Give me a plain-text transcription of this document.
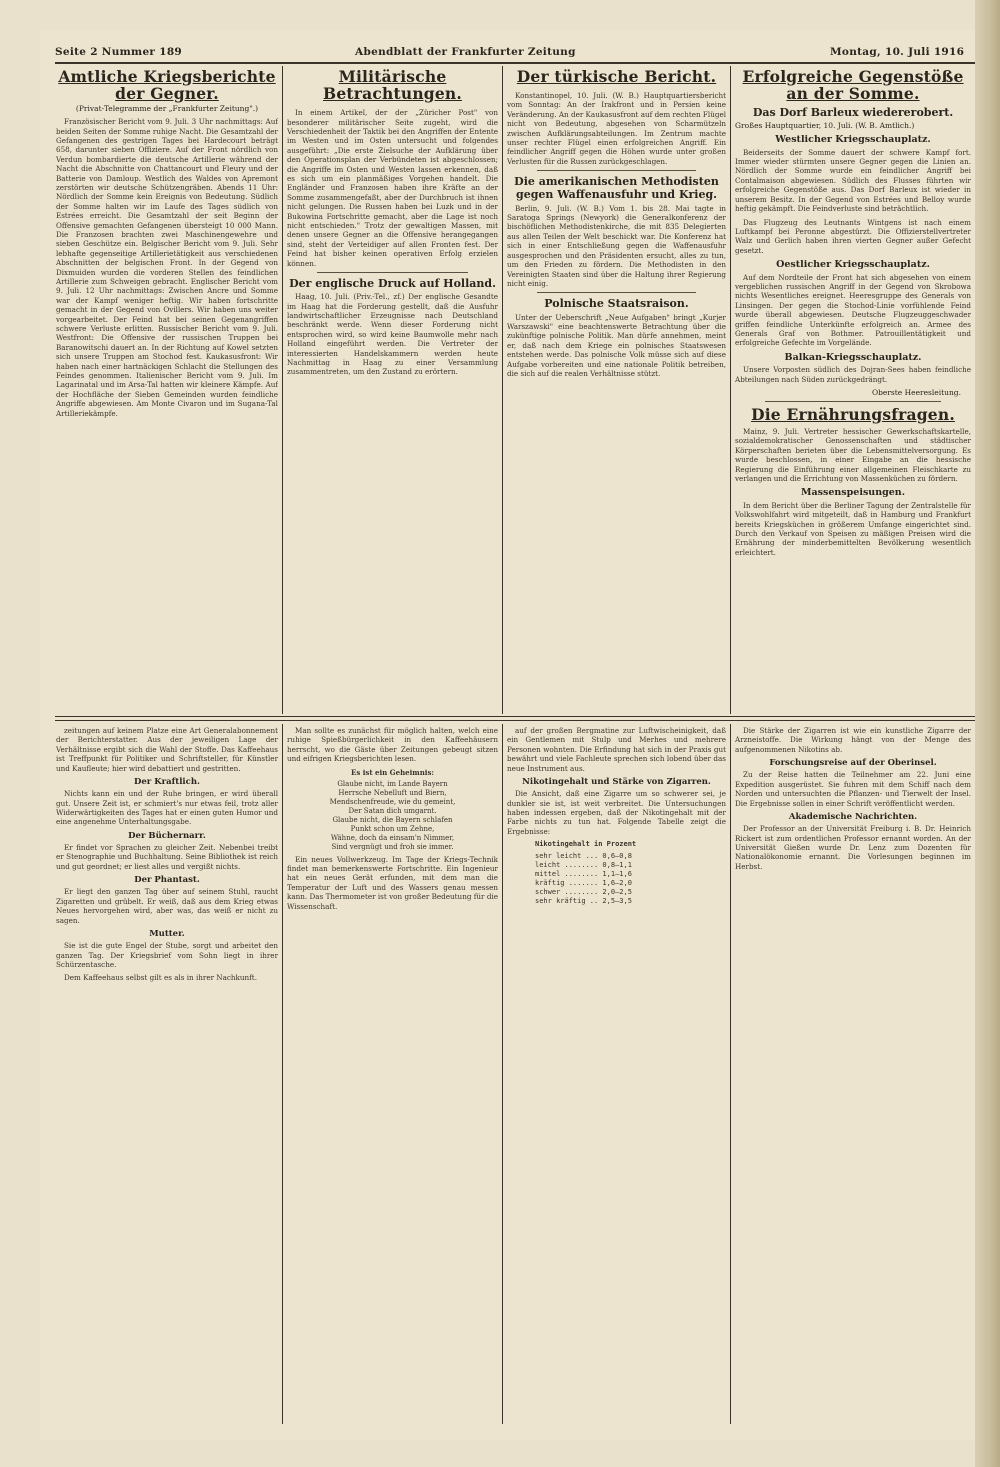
Seite 2 Nummer 189	Abendblatt der Frankfurter Zeitung	Montag, 10. Juli 1916
Amtliche Kriegsberichte der Gegner.
(Privat-Telegramme der „Frankfurter Zeitung".)

Französischer Bericht vom 9. Juli. 3 Uhr nachmittags: Auf beiden Seiten der Somme ruhige Nacht. Die Gesamtzahl der Gefangenen des gestrigen Tages bei Hardecourt beträgt 658, darunter sieben Offiziere. Auf der Front nördlich von Verdun bombardierte die deutsche Artillerie während der Nacht die Abschnitte von Chattancourt und Fleury und der Batterie von Damloup. Westlich des Waldes von Apremont zerstörten wir deutsche Schützengräben. Abends 11 Uhr: Nördlich der Somme kein Ereignis von Bedeutung. Südlich der Somme halten wir im Laufe des Tages südlich von Estrées erreicht. Die Gesamtzahl der seit Beginn der Offensive gemachten Gefangenen übersteigt 10 000 Mann. Die Franzosen brachten zwei Maschinengewehre und sieben Geschütze ein. Belgischer Bericht vom 9. Juli. Sehr lebhafte gegenseitige Artillerietätigkeit aus verschiedenen Abschnitten der belgischen Front. In der Gegend von Dixmuiden wurden die vorderen Stellen des feindlichen Artillerie zum Schweigen gebracht. Englischer Bericht vom 9. Juli. 12 Uhr nachmittags: Zwischen Ancre und Somme war der Kampf weniger heftig. Wir haben fortschritte gemacht in der Gegend von Ovillers. Wir haben uns weiter vorgearbeitet. Der Feind hat bei seinen Gegenangriffen schwere Verluste erlitten. Russischer Bericht vom 9. Juli. Westfront: Die Offensive der russischen Truppen bei Baranowitschi dauert an. In der Richtung auf Kowel setzten sich unsere Truppen am Stochod fest. Kaukasusfront: Wir haben nach einer hartnäckigen Schlacht die Stellungen des Feindes genommen. Italienischer Bericht vom 9. Juli. Im Lagarinatal und im Arsa-Tal hatten wir kleinere Kämpfe. Auf der Hochfläche der Sieben Gemeinden wurden feindliche Angriffe abgewiesen. Am Monte Civaron und im Sugana-Tal Artilleriekämpfe.

Militärische Betrachtungen.

In einem Artikel, der der „Züricher Post" von besonderer militärischer Seite zugeht, wird die Verschiedenheit der Taktik bei den Angriffen der Entente im Westen und im Osten untersucht und folgendes ausgeführt: „Die erste Zielsuche der Aufklärung über den Operationsplan der Verbündeten ist abgeschlossen; die Angriffe im Osten und Westen lassen erkennen, daß es sich um ein planmäßiges Vorgehen handelt. Die Engländer und Franzosen haben ihre Kräfte an der Somme zusammengefaßt, aber der Durchbruch ist ihnen nicht gelungen. Die Russen haben bei Luzk und in der Bukowina Fortschritte gemacht, aber die Lage ist noch nicht entschieden." Trotz der gewaltigen Massen, mit denen unsere Gegner an die Offensive herangegangen sind, steht der Verteidiger auf allen Fronten fest. Der Feind hat bisher keinen operativen Erfolg erzielen können.

Der englische Druck auf Holland.

Haag, 10. Juli. (Priv.-Tel., zf.) Der englische Gesandte im Haag hat die Forderung gestellt, daß die Ausfuhr landwirtschaftlicher Erzeugnisse nach Deutschland beschränkt werde. Wenn dieser Forderung nicht entsprochen wird, so wird keine Baumwolle mehr nach Holland eingeführt werden. Die Vertreter der interessierten Handelskammern werden heute Nachmittag in Haag zu einer Versammlung zusammentreten, um den Zustand zu erörtern.

Der türkische Bericht.

Konstantinopel, 10. Juli. (W. B.) Hauptquartiersbericht vom Sonntag: An der Irakfront und in Persien keine Veränderung. An der Kaukasusfront auf dem rechten Flügel nicht von Bedeutung, abgesehen von Scharmützeln zwischen Aufklärungsabteilungen. Im Zentrum machte unser rechter Flügel einen erfolgreichen Angriff. Ein feindlicher Angriff gegen die Höhen wurde unter großen Verlusten für die Russen zurückgeschlagen.

Die amerikanischen Methodisten gegen Waffenausfuhr und Krieg.

Berlin, 9. Juli. (W. B.) Vom 1. bis 28. Mai tagte in Saratoga Springs (Newyork) die Generalkonferenz der bischöflichen Methodistenkirche, die mit 835 Delegierten aus allen Teilen der Welt beschickt war. Die Konferenz hat sich in einer Entschließung gegen die Waffenausfuhr ausgesprochen und den Präsidenten ersucht, alles zu tun, um den Frieden zu fördern. Die Methodisten in den Vereinigten Staaten sind über die Haltung ihrer Regierung nicht einig.

Polnische Staatsraison.

Unter der Ueberschrift „Neue Aufgaben" bringt „Kurjer Warszawski" eine beachtenswerte Betrachtung über die zukünftige polnische Politik. Man dürfe annehmen, meint er, daß nach dem Kriege ein polnisches Staatswesen entstehen werde. Das polnische Volk müsse sich auf diese Aufgabe vorbereiten und eine nationale Politik betreiben, die sich auf die realen Verhältnisse stützt.

Erfolgreiche Gegenstöße an der Somme.
Das Dorf Barleux wiedererobert.
Großes Hauptquartier, 10. Juli. (W. B. Amtlich.)
Westlicher Kriegsschauplatz.

Beiderseits der Somme dauert der schwere Kampf fort. Immer wieder stürmten unsere Gegner gegen die Linien an. Nördlich der Somme wurde ein feindlicher Angriff bei Contalmaison abgewiesen. Südlich des Flusses führten wir erfolgreiche Gegenstöße aus. Das Dorf Barleux ist wieder in unserem Besitz. In der Gegend von Estrées und Belloy wurde heftig gekämpft. Die Feindverluste sind beträchtlich.

Das Flugzeug des Leutnants Wintgens ist nach einem Luftkampf bei Peronne abgestürzt. Die Offizierstellvertreter Walz und Gerlich haben ihren vierten Gegner außer Gefecht gesetzt.

Oestlicher Kriegsschauplatz.

Auf dem Nordteile der Front hat sich abgesehen von einem vergeblichen russischen Angriff in der Gegend von Skrobowa nichts Wesentliches ereignet. Heeresgruppe des Generals von Linsingen. Der gegen die Stochod-Linie vorfühlende Feind wurde überall abgewiesen. Deutsche Flugzeuggeschwader griffen feindliche Unterkünfte erfolgreich an. Armee des Generals Graf von Bothmer. Patrouillentätigkeit und erfolgreiche Gefechte im Vorgelände.

Balkan-Kriegsschauplatz.

Unsere Vorposten südlich des Dojran-Sees haben feindliche Abteilungen nach Süden zurückgedrängt.

Oberste Heeresleitung.
Die Ernährungsfragen.

Mainz, 9. Juli. Vertreter hessischer Gewerkschaftskartelle, sozialdemokratischer Genossenschaften und städtischer Körperschaften berieten über die Lebensmittelversorgung. Es wurde beschlossen, in einer Eingabe an die hessische Regierung die Einführung einer allgemeinen Fleischkarte zu verlangen und die Errichtung von Massenküchen zu fördern.

Massenspeisungen.

In dem Bericht über die Berliner Tagung der Zentralstelle für Volkswohlfahrt wird mitgeteilt, daß in Hamburg und Frankfurt bereits Kriegsküchen in größerem Umfange eingerichtet sind. Durch den Verkauf von Speisen zu mäßigen Preisen wird die Ernährung der minderbemittelten Bevölkerung wesentlich erleichtert.

zeitungen auf keinem Platze eine Art Generalabonnement der Berichterstatter. Aus der jeweiligen Lage der Verhältnisse ergibt sich die Wahl der Stoffe. Das Kaffeehaus ist Treffpunkt für Politiker und Schriftsteller, für Künstler und Kaufleute; hier wird debattiert und gestritten.

Der Kraftlich.

Nichts kann ein und der Ruhe bringen, er wird überall gut. Unsere Zeit ist, er schmiert's nur etwas feil, trotz aller Widerwärtigkeiten des Tages hat er einen guten Humor und eine angenehme Unterhaltungsgabe.

Der Büchernarr.

Er findet vor Sprachen zu gleicher Zeit. Nebenbei treibt er Stenographie und Buchhaltung. Seine Bibliothek ist reich und gut geordnet; er liest alles und vergißt nichts.

Der Phantast.

Er liegt den ganzen Tag über auf seinem Stuhl, raucht Zigaretten und grübelt. Er weiß, daß aus dem Krieg etwas Neues hervorgehen wird, aber was, das weiß er nicht zu sagen.

Mutter.

Sie ist die gute Engel der Stube, sorgt und arbeitet den ganzen Tag. Der Kriegsbrief vom Sohn liegt in ihrer Schürzentasche.

Dem Kaffeehaus selbst gilt es als in ihrer Nachkunft.

Man sollte es zunächst für möglich halten, welch eine ruhige Spießbürgerlichkeit in den Kaffeehäusern herrscht, wo die Gäste über Zeitungen gebeugt sitzen und eifrigen Kriegsberichten lesen.

Es ist ein Geheimnis:
Glaube nicht, im Lande Bayern
Herrsche Nebelluft und Biern,
Mendschenfreude, wie du gemeint,
Der Satan dich umgarnt.
Glaube nicht, die Bayern schlafen
Punkt schon um Zehne,
Wähne, doch da einsam'n Nimmer,
Sind vergnügt und froh sie immer.

Ein neues Vollwerkzeug. Im Tage der Kriegs-Technik findet man bemerkenswerte Fortschritte. Ein Ingenieur hat ein neues Gerät erfunden, mit dem man die Temperatur der Luft und des Wassers genau messen kann. Das Thermometer ist von großer Bedeutung für die Wissenschaft.

auf der großen Bergmatine zur Luftwischeinigkeit, daß ein Gentlemen mit Stulp und Merhes und mehrere Personen wohnten. Die Erfindung hat sich in der Praxis gut bewährt und viele Fachleute sprechen sich lobend über das neue Instrument aus.

Nikotingehalt und Stärke von Zigarren.

Die Ansicht, daß eine Zigarre um so schwerer sei, je dunkler sie ist, ist weit verbreitet. Die Untersuchungen haben indessen ergeben, daß der Nikotingehalt mit der Farbe nichts zu tun hat. Folgende Tabelle zeigt die Ergebnisse:

Nikotingehalt in Prozent
sehr leicht ... 0,6–0,8
leicht ........ 0,8–1,1
mittel ........ 1,1–1,6
kräftig ....... 1,6–2,0
schwer ........ 2,0–2,5
sehr kräftig .. 2,5–3,5

Die Stärke der Zigarren ist wie ein kunstliche Zigarre der Arzneistoffe. Die Wirkung hängt von der Menge des aufgenommenen Nikotins ab.

Forschungsreise auf der Oberinsel.

Zu der Reise hatten die Teilnehmer am 22. Juni eine Expedition ausgerüstet. Sie fuhren mit dem Schiff nach dem Norden und untersuchten die Pflanzen- und Tierwelt der Insel. Die Ergebnisse sollen in einer Schrift veröffentlicht werden.

Akademische Nachrichten.

Der Professor an der Universität Freiburg i. B. Dr. Heinrich Rickert ist zum ordentlichen Professor ernannt worden. An der Universität Gießen wurde Dr. Lenz zum Dozenten für Nationalökonomie ernannt. Die Vorlesungen beginnen im Herbst.
